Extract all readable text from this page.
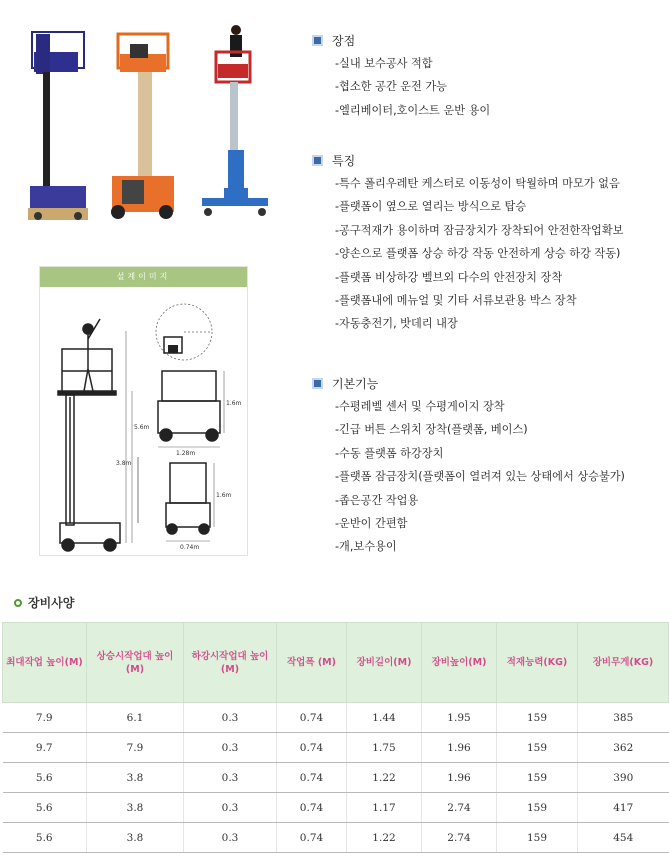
설계이미지
1.6m
1.28m
5.6m
3.8m
1.6m
0.74m
장점
-실내 보수공사 적합
-협소한 공간 운전 가능
-엘리베이터,호이스트 운반 용이
특징
-특수 폴리우레탄 케스터로 이동성이 탁월하며 마모가 없음
-플랫폼이 옆으로 열리는 방식으로 탑승
-공구적재가 용이하며 잠금장치가 장착되어 안전한작업확보
-양손으로 플랫폼 상승 하강 작동 안전하게 상승 하강 작동)
-플랫폼 비상하강 벨브외 다수의 안전장치 장착
-플랫폼내에 메뉴얼 및 기타 서류보관용 박스 장착
-자동충전기, 밧데리 내장
기본기능
-수평레벨 센서 및 수평게이지 장착
-긴급 버튼 스위치 장착(플랫폼, 베이스)
-수동 플랫폼 하강장치
-플랫폼 잠금장치(플랫폼이 열려져 있는 상태에서 상승불가)
-좁은공간 작업용
-운반이 간편함
-개,보수용이
장비사양
최대작업 높이(M)	상승시작업대 높이(M)	하강시작업대 높이(M)	작업폭 (M)	장비길이(M)	장비높이(M)	적재능력(KG)	장비무게(KG)
7.9	6.1	0.3	0.74	1.44	1.95	159	385
9.7	7.9	0.3	0.74	1.75	1.96	159	362
5.6	3.8	0.3	0.74	1.22	1.96	159	390
5.6	3.8	0.3	0.74	1.17	2.74	159	417
5.6	3.8	0.3	0.74	1.22	2.74	159	454
